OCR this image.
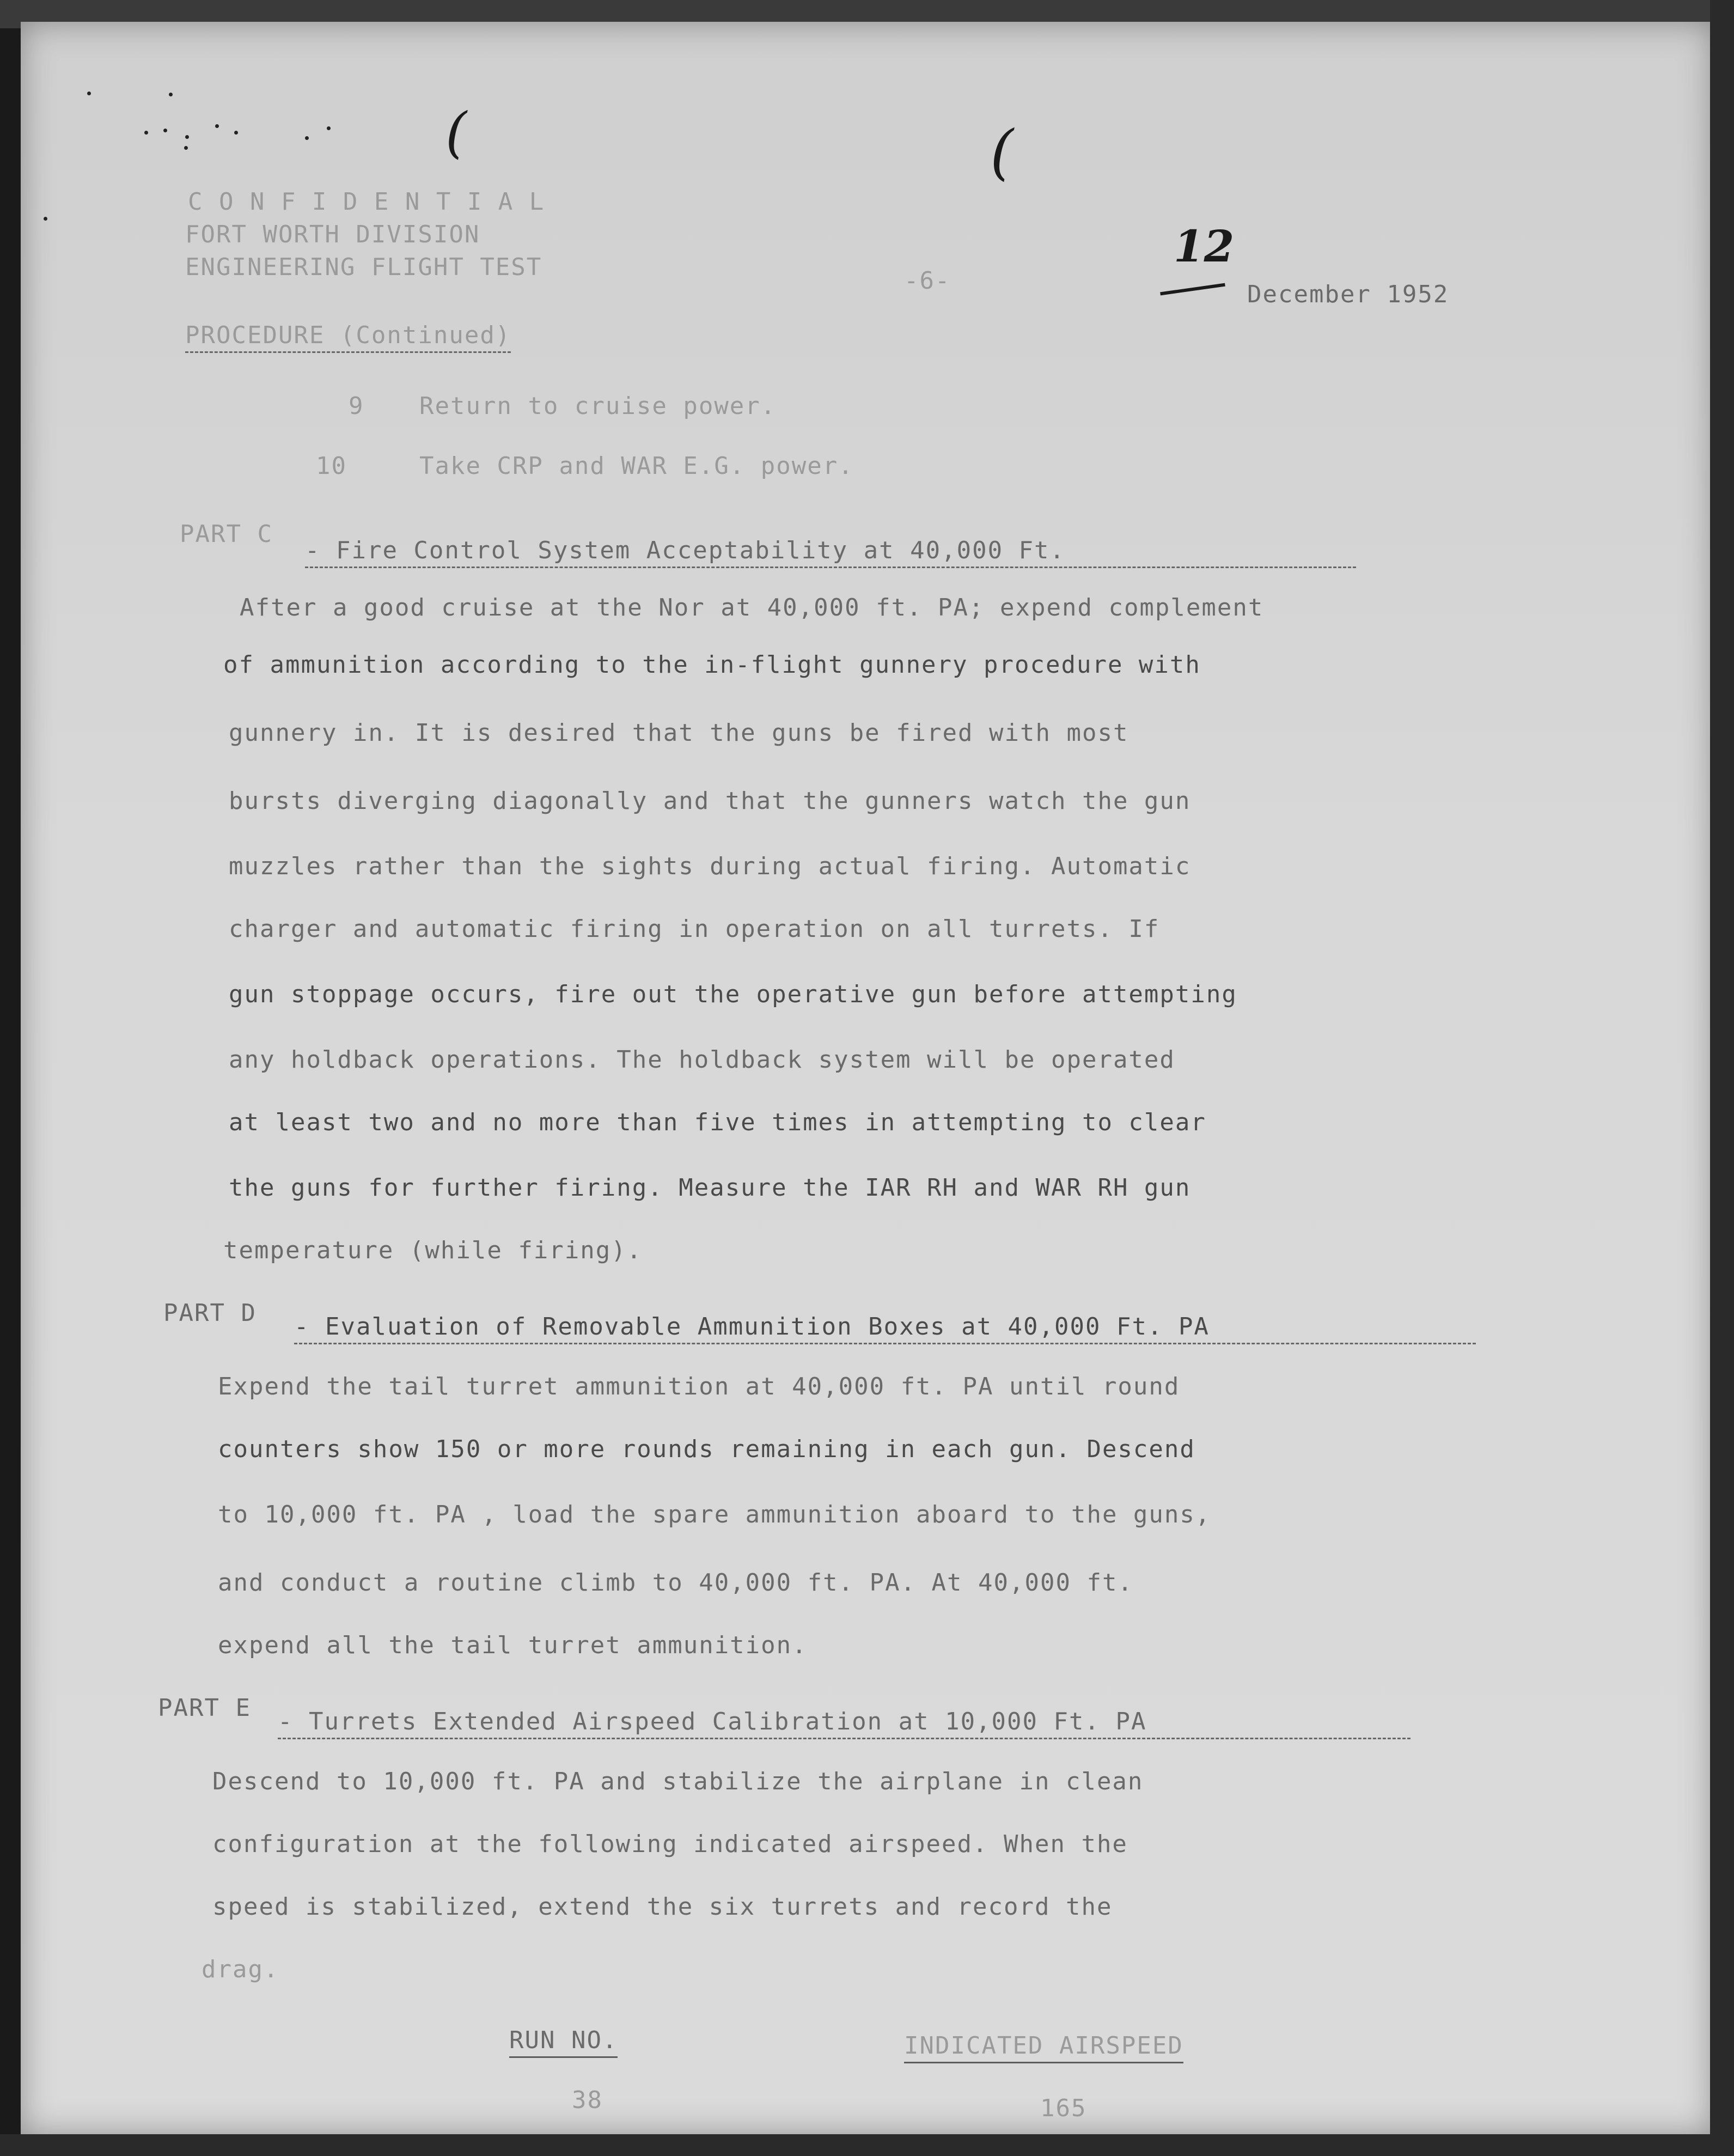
(	(
C O N F I D E N T I A L
FORT WORTH DIVISION
ENGINEERING FLIGHT TEST	-6-
12
December 1952
PROCEDURE (Continued)
9 Return to cruise power.
10	Take CRP and WAR E.G. power.
PART C
- Fire Control System Acceptability at 40,000 Ft.
After a good cruise at the Nor at 40,000 ft. PA; expend complement
of ammunition according to the in-flight gunnery procedure with
gunnery in. It is desired that the guns be fired with most
bursts diverging diagonally and that the gunners watch the gun
muzzles rather than the sights during actual firing. Automatic
charger and automatic firing in operation on all turrets. If
gun stoppage occurs, fire out the operative gun before attempting
any holdback operations. The holdback system will be operated
at least two and no more than five times in attempting to clear
the guns for further firing. Measure the IAR RH and WAR RH gun
temperature (while firing).
PART D - Evaluation of Removable Ammunition Boxes at 40,000 Ft. PA
Expend the tail turret ammunition at 40,000 ft. PA until round
counters show 150 or more rounds remaining in each gun. Descend
to 10,000 ft. PA , load the spare ammunition aboard to the guns,
and conduct a routine climb to 40,000 ft. PA. At 40,000 ft.
expend all the tail turret ammunition.
PART E - Turrets Extended Airspeed Calibration at 10,000 Ft. PA
Descend to 10,000 ft. PA and stabilize the airplane in clean
configuration at the following indicated airspeed. When the
speed is stabilized, extend the six turrets and record the
drag.
RUN NO.	INDICATED AIRSPEED
38	165
